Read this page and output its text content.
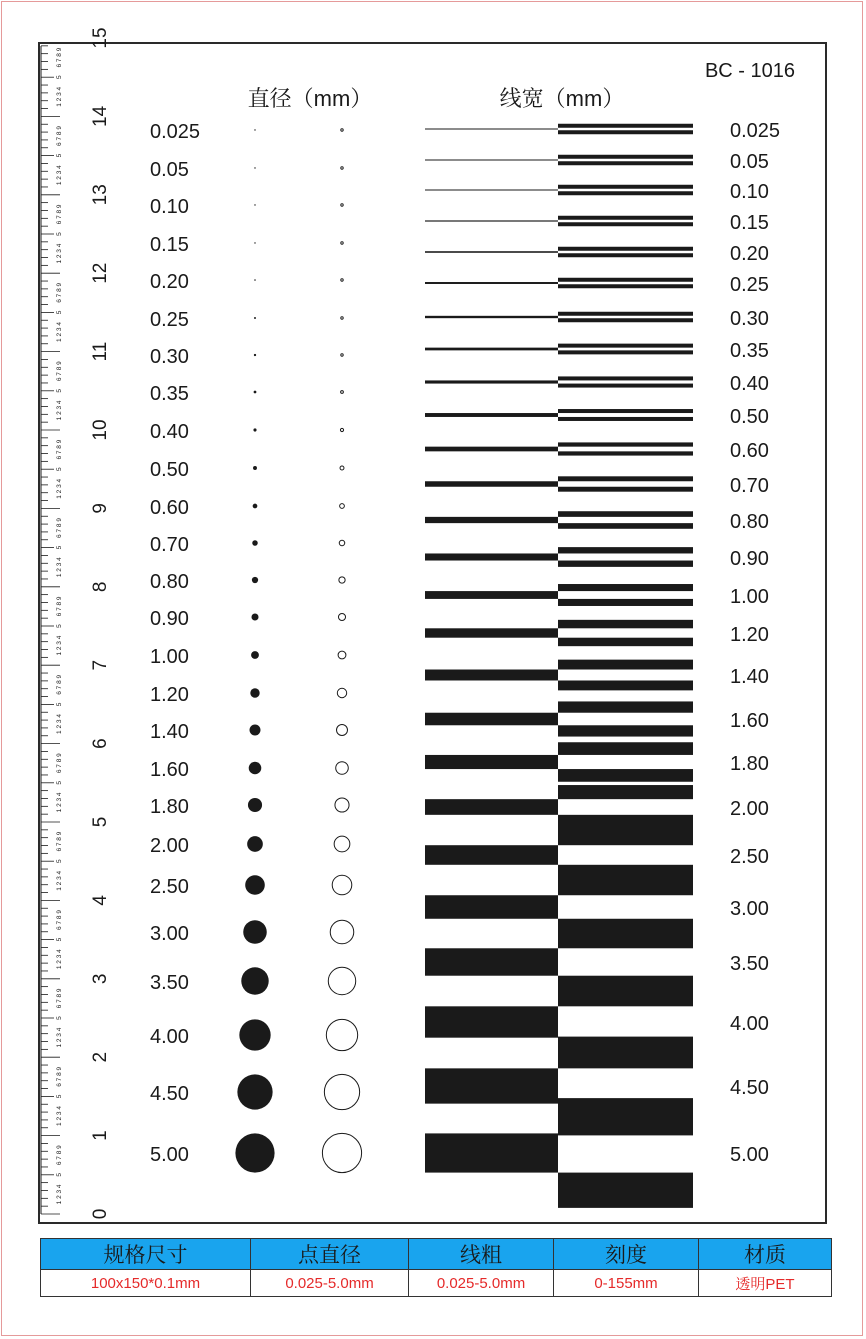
0
1
2
3
4
5
6
7
8
9
10
11
12
13
14
15
1 2 3 4
5
6 7 8 9
1 2 3 4
5
6 7 8 9
1 2 3 4
5
6 7 8 9
1 2 3 4
5
6 7 8 9
1 2 3 4
5
6 7 8 9
1 2 3 4
5
6 7 8 9
1 2 3 4
5
6 7 8 9
1 2 3 4
5
6 7 8 9
1 2 3 4
5
6 7 8 9
1 2 3 4
5
6 7 8 9
1 2 3 4
5
6 7 8 9
1 2 3 4
5
6 7 8 9
1 2 3 4
5
6 7 8 9
1 2 3 4
5
6 7 8 9
1 2 3 4
5
6 7 8 9
BC - 1016
直径（mm）	线宽（mm）
0.025
0.05
0.10
0.15
0.20
0.25
0.30
0.35
0.40
0.50
0.60
0.70
0.80
0.90
1.00
1.20
1.40
1.60
1.80
2.00
2.50
3.00
3.50
4.00
4.50
5.00
0.025
0.05
0.10
0.15
0.20
0.25
0.30
0.35
0.40
0.50
0.60
0.70
0.80
0.90
1.00
1.20
1.40
1.60
1.80
2.00
2.50
3.00
3.50
4.00
4.50
5.00
规格尺寸	点直径	线粗	刻度	材质
100x150*0.1mm	0.025-5.0mm	0.025-5.0mm	0-155mm	透明PET
